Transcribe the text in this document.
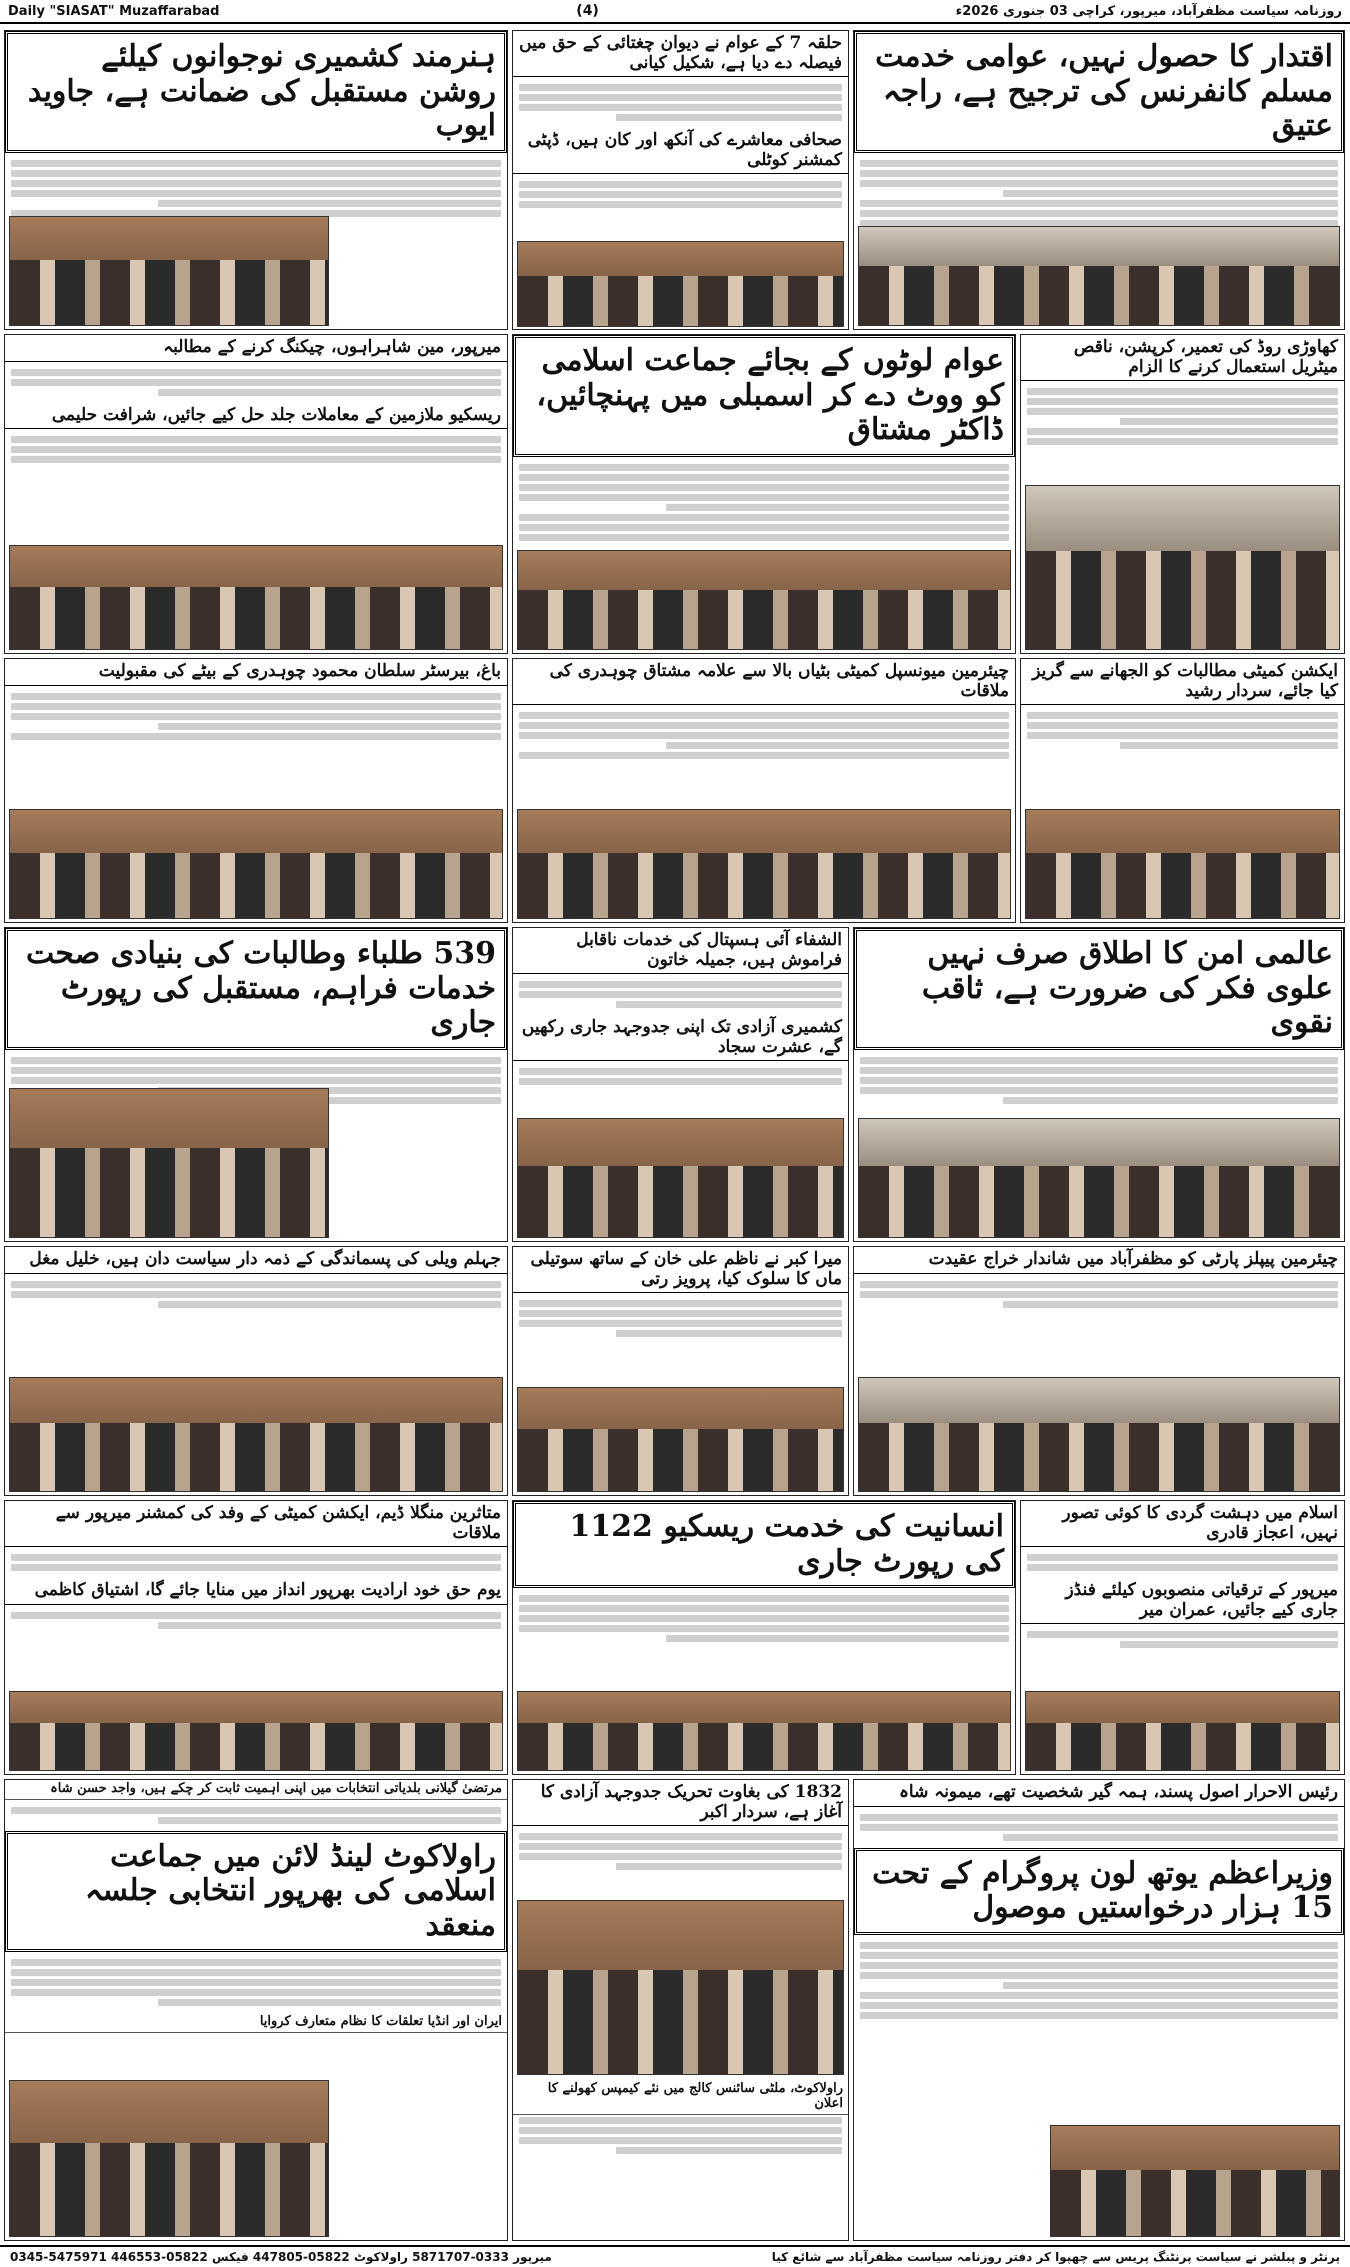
Daily "SIASAT" Muzaffarabad	(4)	روزنامہ سیاست مظفرآباد، میرپور، کراچی 03 جنوری 2026ء
اقتدار کا حصول نہیں، عوامی خدمت مسلم کانفرنس کی ترجیح ہے، راجہ عتیق
حلقہ 7 کے عوام نے دیوان چغتائی کے حق میں فیصلہ دے دیا ہے، شکیل کیانی
صحافی معاشرے کی آنکھ اور کان ہیں، ڈپٹی کمشنر کوٹلی
ہنرمند کشمیری نوجوانوں کیلئے روشن مستقبل کی ضمانت ہے، جاوید ایوب
کھاوڑی روڈ کی تعمیر، کرپشن، ناقص میٹریل استعمال کرنے کا الزام
عوام لوٹوں کے بجائے جماعت اسلامی کو ووٹ دے کر اسمبلی میں پہنچائیں، ڈاکٹر مشتاق
میرپور، مین شاہراہوں، چیکنگ کرنے کے مطالبہ
ریسکیو ملازمین کے معاملات جلد حل کیے جائیں، شرافت حلیمی
ایکشن کمیٹی مطالبات کو الجھانے سے گریز کیا جائے، سردار رشید
چیئرمین میونسپل کمیٹی بٹیاں بالا سے علامہ مشتاق چوہدری کی ملاقات
باغ، بیرسٹر سلطان محمود چوہدری کے بیٹے کی مقبولیت
عالمی امن کا اطلاق صرف نہیں علوی فکر کی ضرورت ہے، ثاقب نقوی
الشفاء آئی ہسپتال کی خدمات ناقابل فراموش ہیں، جمیلہ خاتون
کشمیری آزادی تک اپنی جدوجہد جاری رکھیں گے، عشرت سجاد
539 طلباء وطالبات کی بنیادی صحت خدمات فراہم، مستقبل کی رپورٹ جاری
چیئرمین پیپلز پارٹی کو مظفرآباد میں شاندار خراج عقیدت
میرا کبر نے ناظم علی خان کے ساتھ سوتیلی ماں کا سلوک کیا، پرویز رتی
جہلم ویلی کی پسماندگی کے ذمہ دار سیاست دان ہیں، خلیل مغل
اسلام میں دہشت گردی کا کوئی تصور نہیں، اعجاز قادری
میرپور کے ترقیاتی منصوبوں کیلئے فنڈز جاری کیے جائیں، عمران میر
انسانیت کی خدمت ریسکیو 1122 کی رپورٹ جاری
متاثرین منگلا ڈیم، ایکشن کمیٹی کے وفد کی کمشنر میرپور سے ملاقات
یوم حق خود ارادیت بھرپور انداز میں منایا جائے گا، اشتیاق کاظمی
رئیس الاحرار اصول پسند، ہمہ گیر شخصیت تھے، میمونہ شاہ
وزیراعظم یوتھ لون پروگرام کے تحت 15 ہزار درخواستیں موصول
1832 کی بغاوت تحریک جدوجہد آزادی کا آغاز ہے، سردار اکبر
راولاکوٹ، ملٹی سائنس کالج میں نئے کیمپس کھولنے کا اعلان
مرتضیٰ گیلانی بلدیاتی انتخابات میں اپنی اہمیت ثابت کر چکے ہیں، واجد حسن شاہ
راولاکوٹ لینڈ لائن میں جماعت اسلامی کی بھرپور انتخابی جلسہ منعقد
ایران اور انڈیا تعلقات کا نظام متعارف کروایا
0345-5475971 میرپور 0333-5871707 راولاکوٹ 05822-447805 فیکس 05822-446553	پرنٹر و پبلشر نے سیاست پرنٹنگ پریس سے چھپوا کر دفتر روزنامہ سیاست مظفرآباد سے شائع کیا
